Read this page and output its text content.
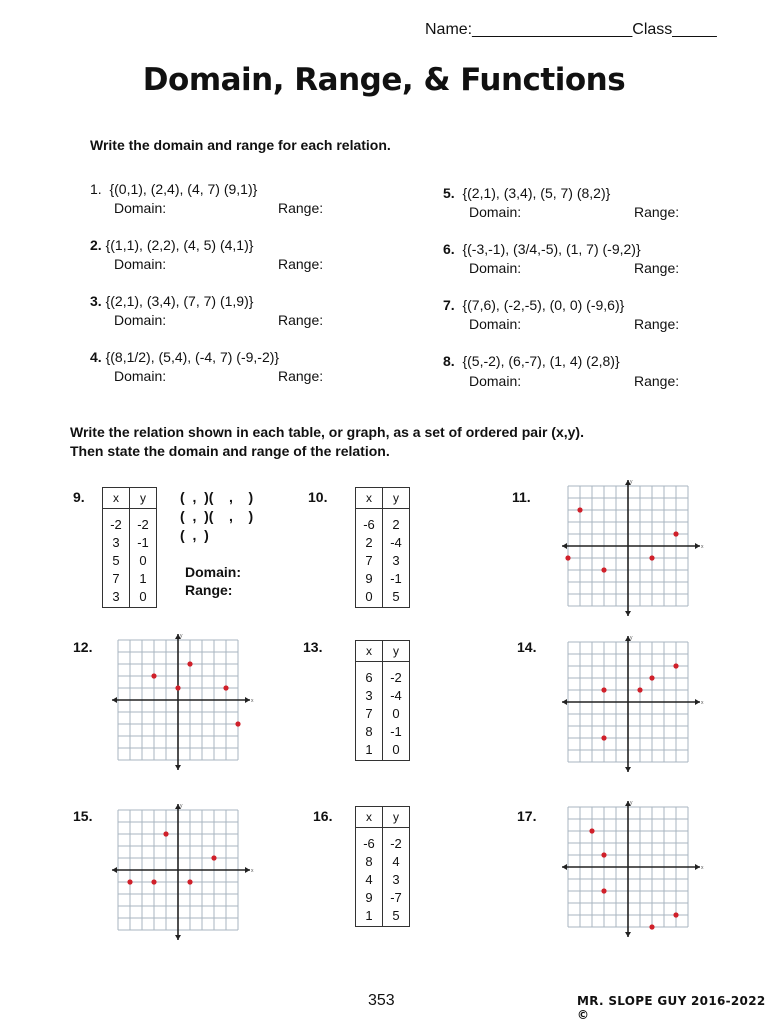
Name:__________________Class_____
Domain, Range, & Functions
Write the domain and range for each relation.
1. {(0,1), (2,4), (4, 7) (9,1)}
Domain:	Range:
2. {(1,1), (2,2), (4, 5) (4,1)}
Domain:	Range:
3. {(2,1), (3,4), (7, 7) (1,9)}
Domain:	Range:
4. {(8,1/2), (5,4), (-4, 7) (-9,-2)}
Domain:	Range:
5. {(2,1), (3,4), (5, 7) (8,2)}
Domain:	Range:
6. {(-3,-1), (3/4,-5), (1, 7) (-9,2)}
Domain:	Range:
7. {(7,6), (-2,-5), (0, 0) (-9,6)}
Domain:	Range:
8. {(5,-2), (6,-7), (1, 4) (2,8)}
Domain:	Range:
Write the relation shown in each table, or graph, as a set of ordered pair (x,y).
Then state the domain and range of the relation.
9.	10.	11.
12.	13.	14.
15.	16.	17.
x	y
-2	-2
3	-1
5	0
7	1
3	0
x	y
-6	2
2	-4
7	3
9	-1
0	5
x	y
6	-2
3	-4
7	0
8	-1
1	0
x	y
-6	-2
8	4
4	3
9	-7
1	5
(  ,  )(    ,    )
(  ,  )(    ,    )
(  ,  )
Domain:
Range:
x
y
x
y
x
y
x
y
x
y
353	MR. SLOPE GUY 2016-2022 ©
